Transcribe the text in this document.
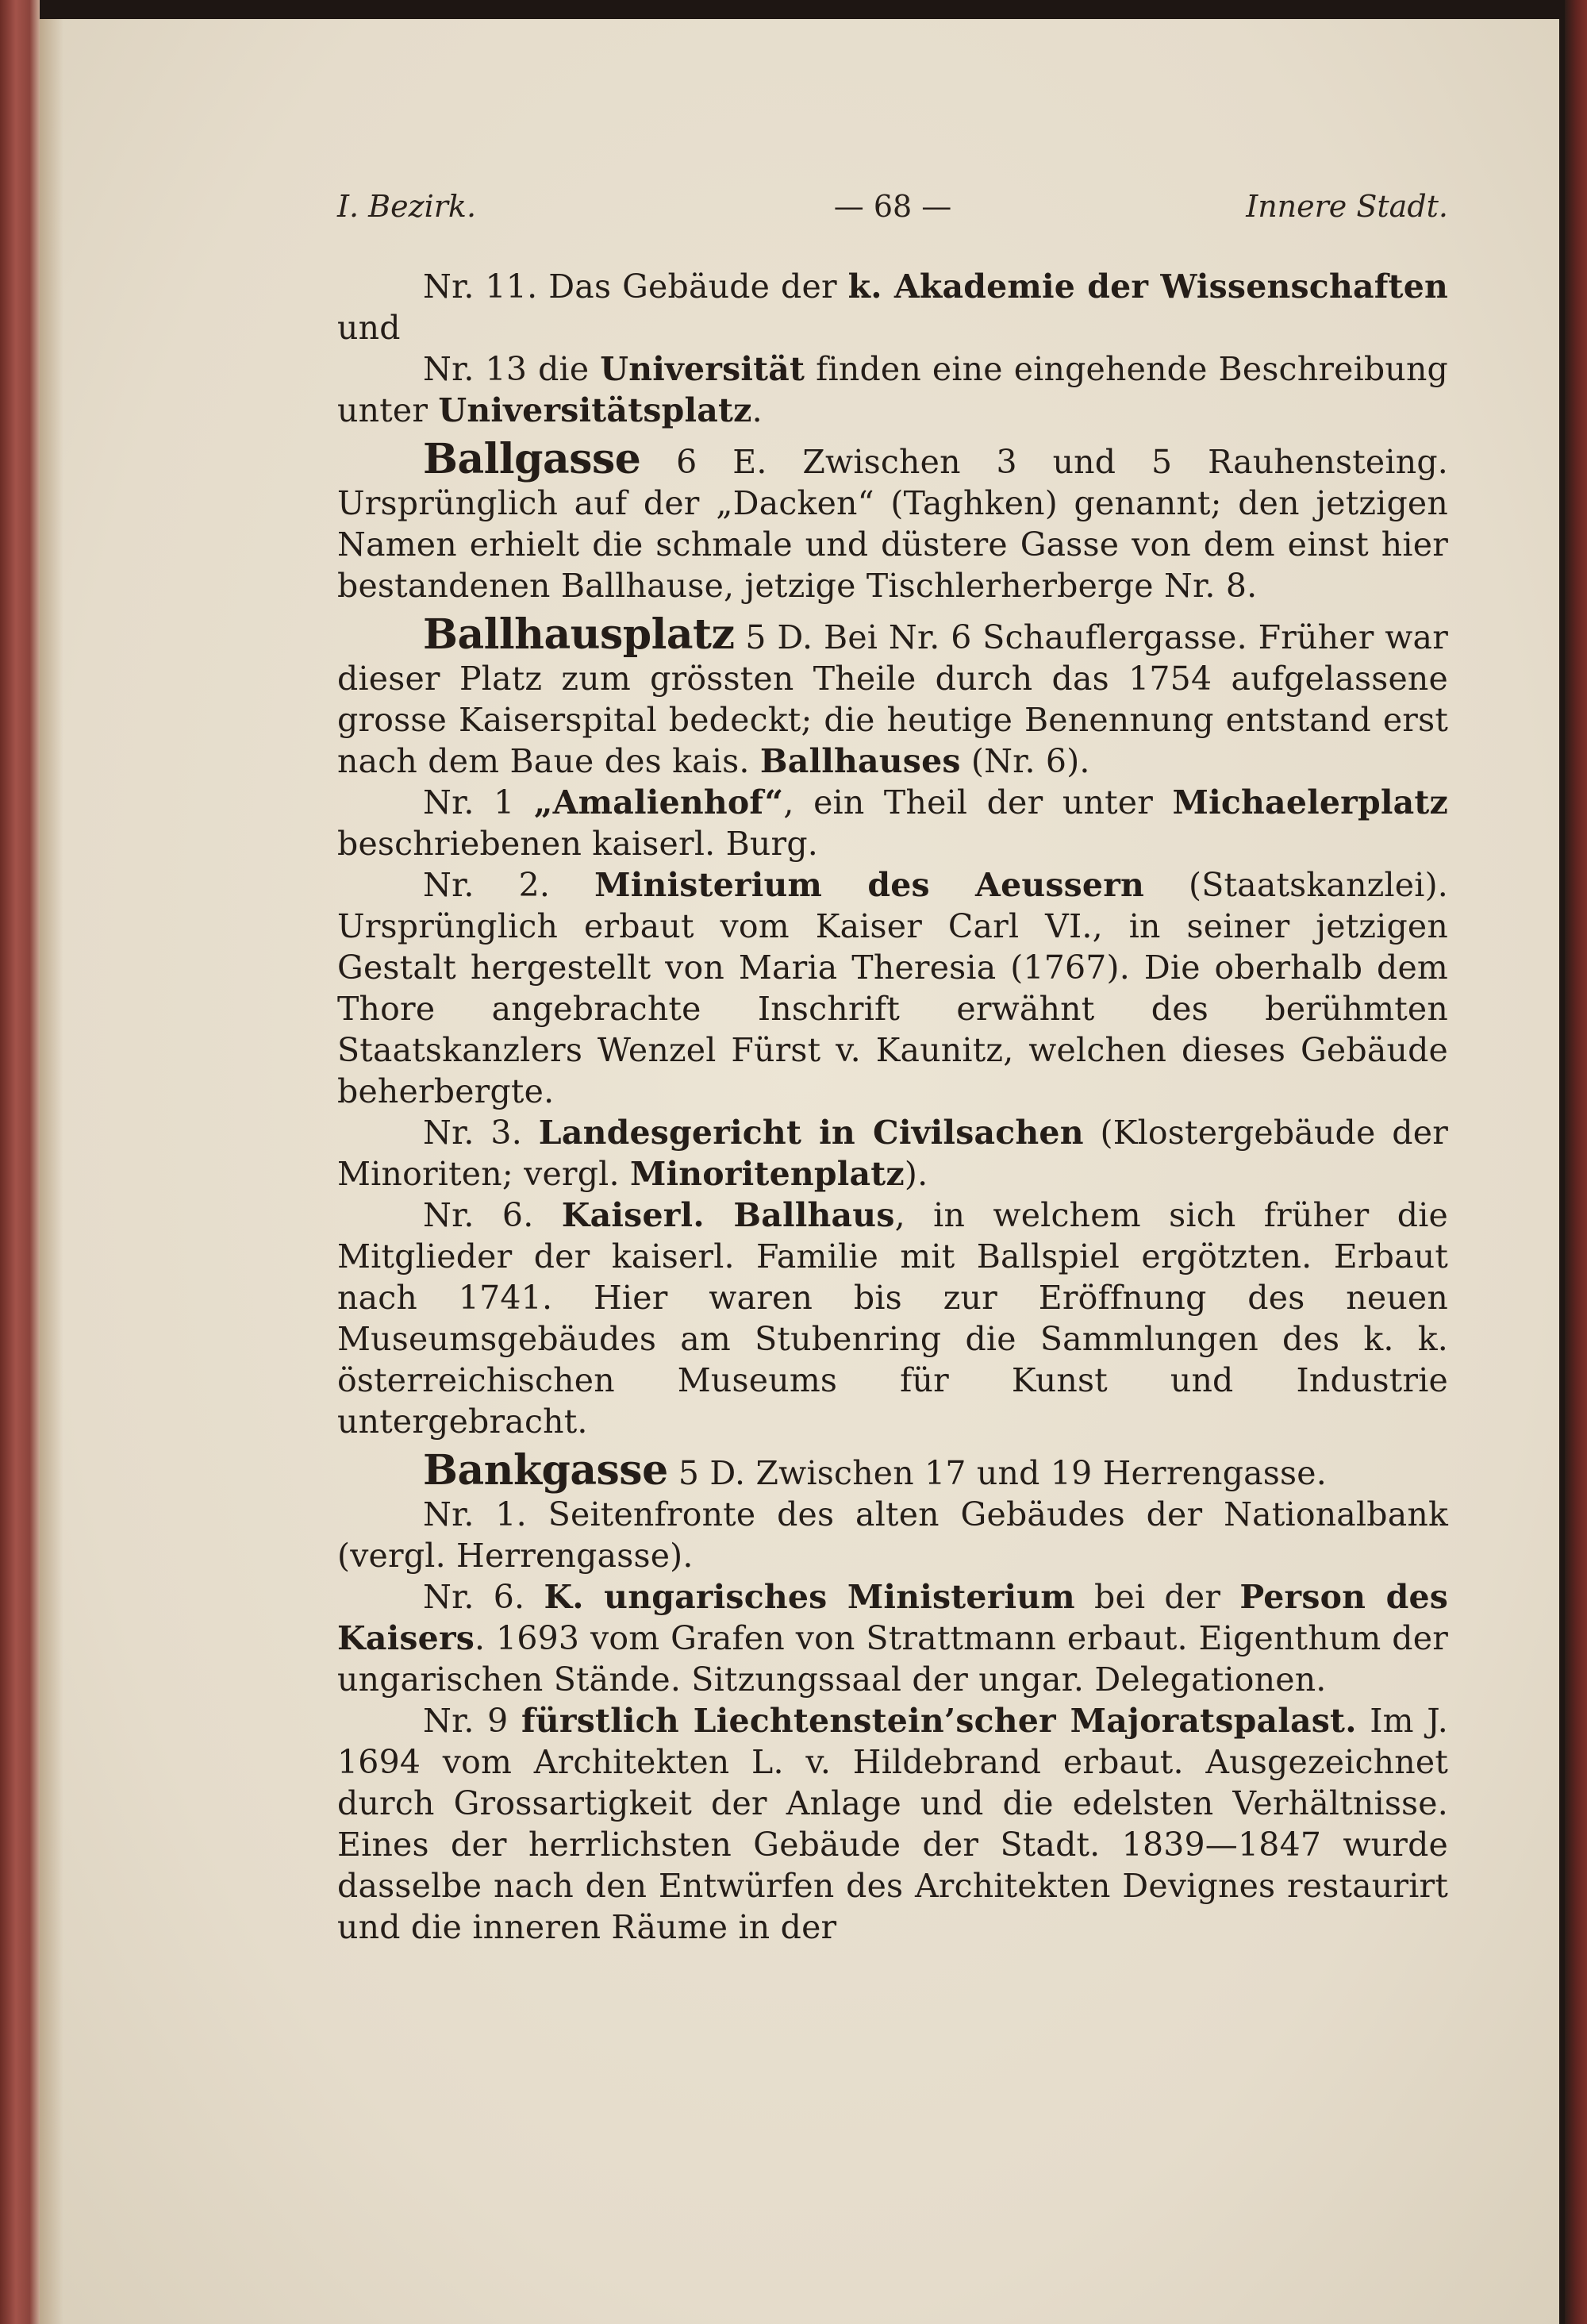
I. Bezirk.	— 68 —	Innere Stadt.

Nr. 11. Das Gebäude der k. Akademie der Wissenschaften und

Nr. 13 die Universität finden eine eingehende Beschreibung unter Universitätsplatz.

Ballgasse 6 E. Zwischen 3 und 5 Rauhensteing. Ursprünglich auf der „Dacken“ (Taghken) genannt; den jetzigen Namen erhielt die schmale und düstere Gasse von dem einst hier bestandenen Ballhause, jetzige Tischlerherberge Nr. 8.

Ballhausplatz 5 D. Bei Nr. 6 Schauflergasse. Früher war dieser Platz zum grössten Theile durch das 1754 aufgelassene grosse Kaiserspital bedeckt; die heutige Benennung entstand erst nach dem Baue des kais. Ballhauses (Nr. 6).

Nr. 1 „Amalienhof“, ein Theil der unter Michaelerplatz beschriebenen kaiserl. Burg.

Nr. 2. Ministerium des Aeussern (Staatskanzlei). Ursprünglich erbaut vom Kaiser Carl VI., in seiner jetzigen Gestalt hergestellt von Maria Theresia (1767). Die oberhalb dem Thore angebrachte Inschrift erwähnt des berühmten Staatskanzlers Wenzel Fürst v. Kaunitz, welchen dieses Gebäude beherbergte.

Nr. 3. Landesgericht in Civilsachen (Klostergebäude der Minoriten; vergl. Minoritenplatz).

Nr. 6. Kaiserl. Ballhaus, in welchem sich früher die Mitglieder der kaiserl. Familie mit Ballspiel ergötzten. Erbaut nach 1741. Hier waren bis zur Eröffnung des neuen Museumsgebäudes am Stubenring die Sammlungen des k. k. österreichischen Museums für Kunst und Industrie untergebracht.

Bankgasse 5 D. Zwischen 17 und 19 Herrengasse.

Nr. 1. Seitenfronte des alten Gebäudes der Nationalbank (vergl. Herrengasse).

Nr. 6. K. ungarisches Ministerium bei der Person des Kaisers. 1693 vom Grafen von Strattmann erbaut. Eigenthum der ungarischen Stände. Sitzungssaal der ungar. Delegationen.

Nr. 9 fürstlich Liechtenstein’scher Majoratspalast. Im J. 1694 vom Architekten L. v. Hildebrand erbaut. Ausgezeichnet durch Grossartigkeit der Anlage und die edelsten Verhältnisse. Eines der herrlichsten Gebäude der Stadt. 1839—1847 wurde dasselbe nach den Entwürfen des Architekten Devignes restaurirt und die inneren Räume in der
